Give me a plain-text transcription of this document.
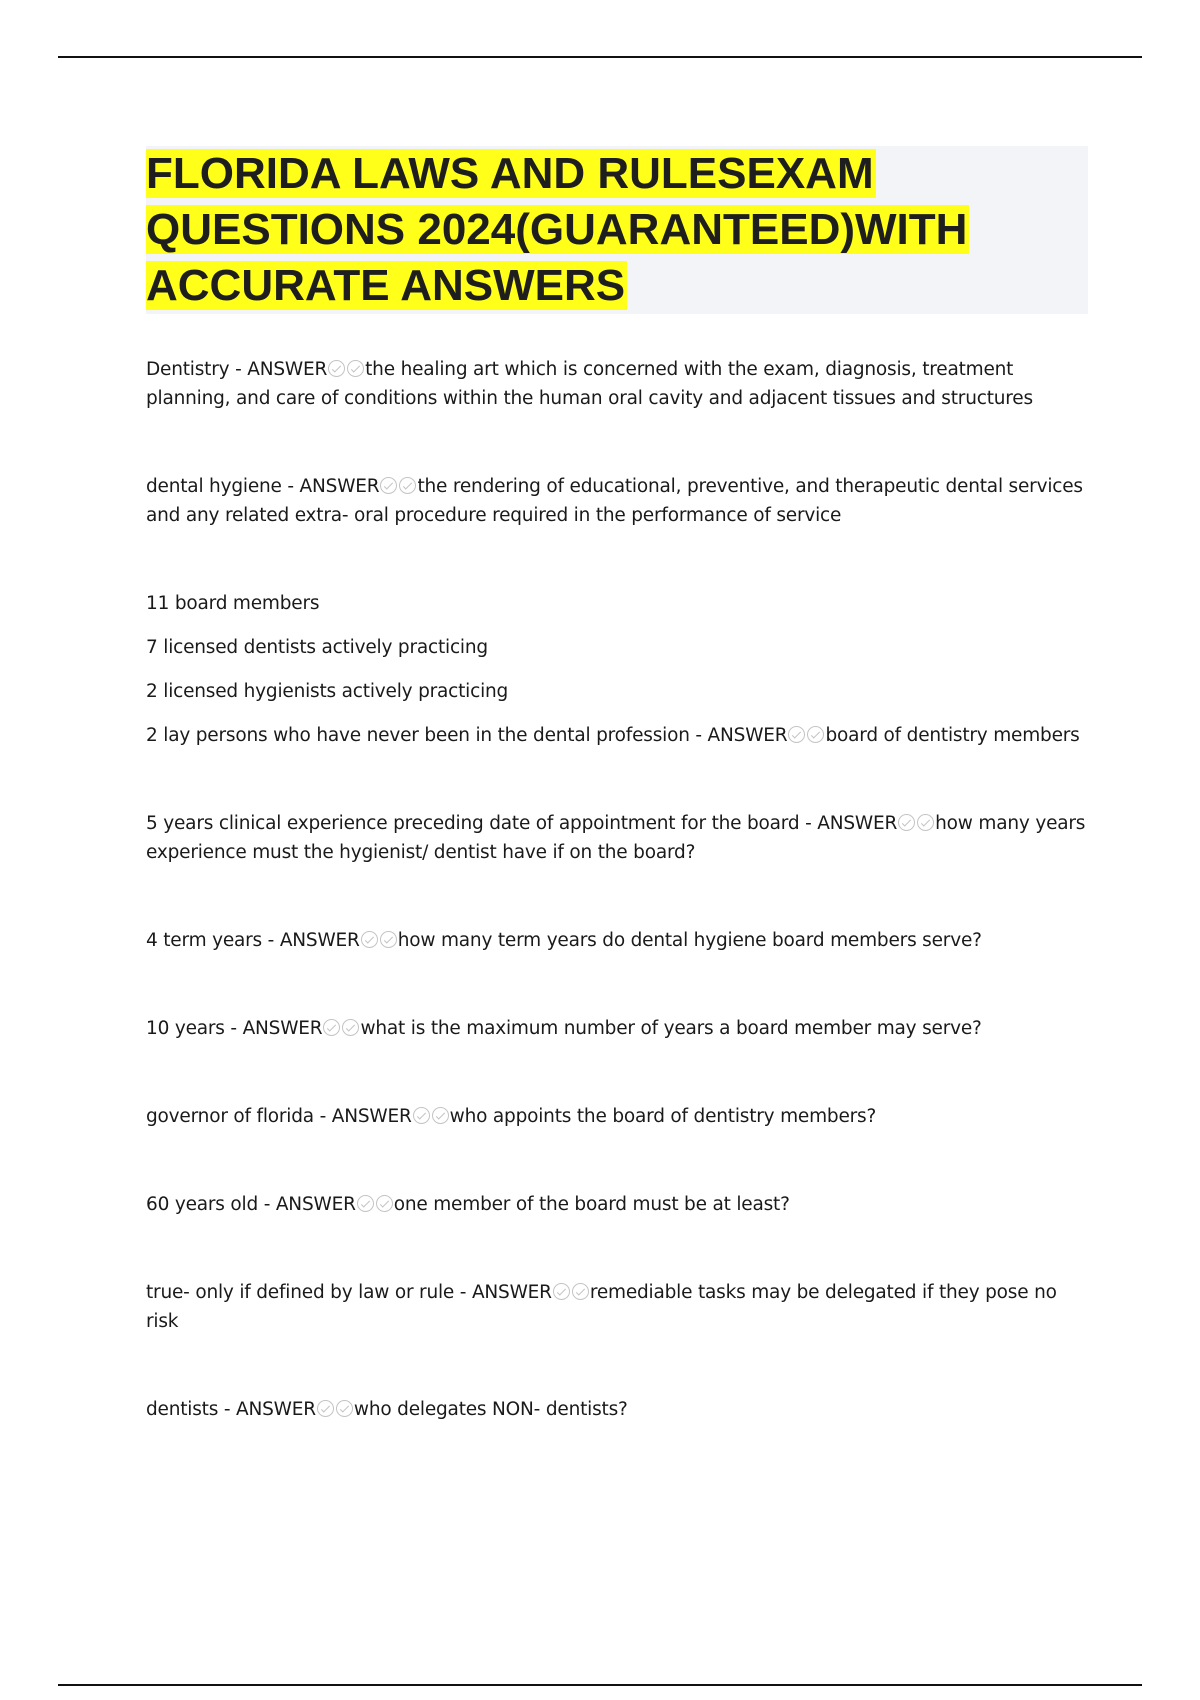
FLORIDA LAWS AND RULESEXAM
QUESTIONS 2024(GUARANTEED)WITH
ACCURATE ANSWERS

Dentistry - ANSWER the healing art which is concerned with the exam, diagnosis, treatment planning, and care of conditions within the human oral cavity and adjacent tissues and structures

dental hygiene - ANSWER the rendering of educational, preventive, and therapeutic dental services and any related extra- oral procedure required in the performance of service

11 board members

7 licensed dentists actively practicing

2 licensed hygienists actively practicing

2 lay persons who have never been in the dental profession - ANSWER board of dentistry members

5 years clinical experience preceding date of appointment for the board - ANSWER how many years experience must the hygienist/ dentist have if on the board?

4 term years - ANSWER how many term years do dental hygiene board members serve?

10 years - ANSWER what is the maximum number of years a board member may serve?

governor of florida - ANSWER who appoints the board of dentistry members?

60 years old - ANSWER one member of the board must be at least?

true- only if defined by law or rule - ANSWER remediable tasks may be delegated if they pose no risk

dentists - ANSWER who delegates NON- dentists?
